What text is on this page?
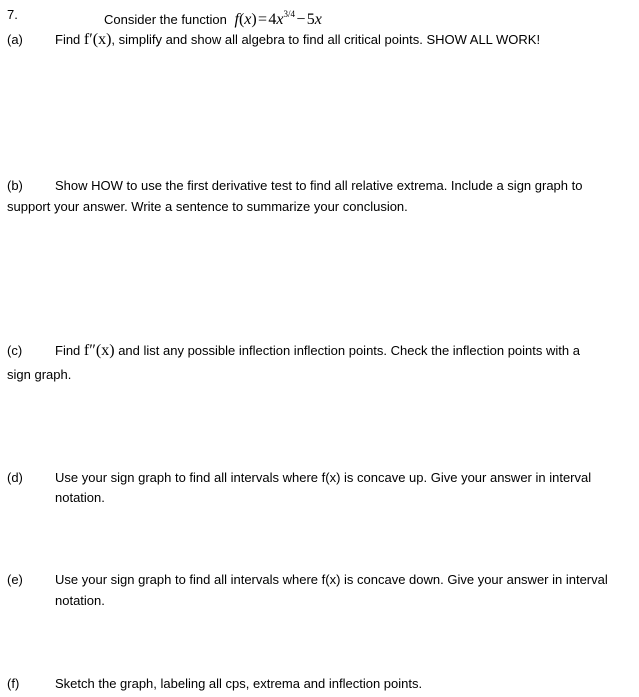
7.	Consider the function f(x) = $4x^{3/4}$ − 5x
(a) Find f′(x), simplify and show all algebra to find all critical points. SHOW ALL WORK!
(b) Show HOW to use the first derivative test to find all relative extrema. Include a sign graph to
support your answer. Write a sentence to summarize your conclusion.
(c)	Find f″(x) and list any possible inflection inflection points. Check the inflection points with a
sign graph.
(d) Use your sign graph to find all intervals where f(x) is concave up. Give your answer in interval
notation.
(e) Use your sign graph to find all intervals where f(x) is concave down. Give your answer in interval
notation.
(f)	Sketch the graph, labeling all cps, extrema and inflection points.
